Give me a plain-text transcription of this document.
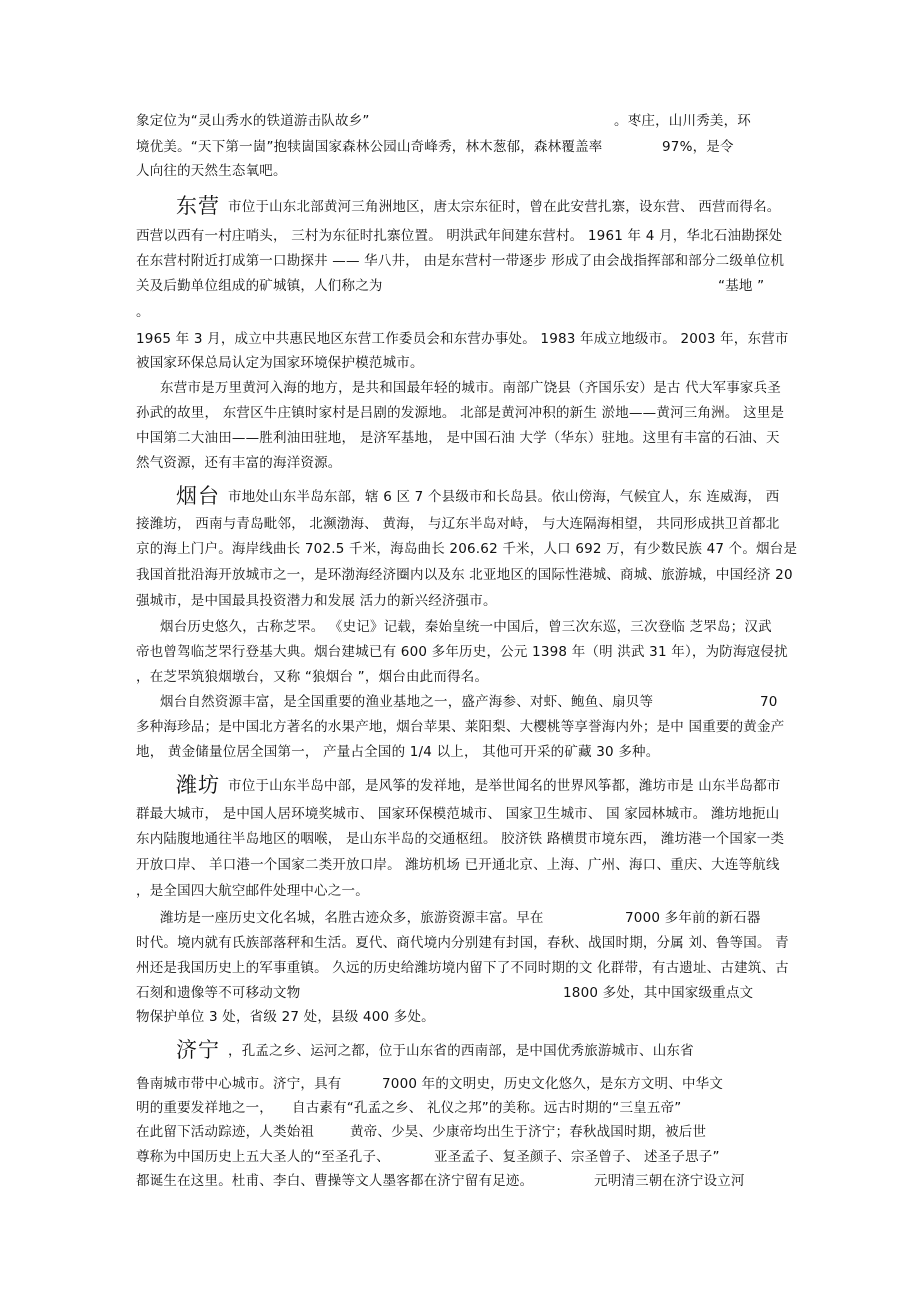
象定位为“灵山秀水的铁道游击队故乡”	。枣庄，山川秀美，环
境优美。“天下第一崮”抱犊崮国家森林公园山奇峰秀，林木葱郁，森林覆盖率	97%，是令
人向往的天然生态氧吧。
东营 市位于山东北部黄河三角洲地区，唐太宗东征时，曾在此安营扎寨，设东营、 西营而得名。
西营以西有一村庄哨头， 三村为东征时扎寨位置。 明洪武年间建东营村。 1961 年 4 月，华北石油勘探处
在东营村附近打成第一口勘探井 —— 华八井， 由是东营村一带逐步 形成了由会战指挥部和部分二级单位机
关及后勤单位组成的矿城镇，人们称之为	“基地 ”
。
1965 年 3 月，成立中共惠民地区东营工作委员会和东营办事处。 1983 年成立地级市。 2003 年，东营市
被国家环保总局认定为国家环境保护模范城市。
东营市是万里黄河入海的地方，是共和国最年轻的城市。南部广饶县（齐国乐安）是古 代大军事家兵圣
孙武的故里， 东营区牛庄镇时家村是吕剧的发源地。 北部是黄河冲积的新生 淤地——黄河三角洲。 这里是
中国第二大油田——胜利油田驻地， 是济军基地， 是中国石油 大学（华东）驻地。这里有丰富的石油、天
然气资源，还有丰富的海洋资源。
烟台 市地处山东半岛东部，辖 6 区 7 个县级市和长岛县。依山傍海，气候宜人，东 连威海， 西
接潍坊， 西南与青岛毗邻， 北濒渤海、 黄海， 与辽东半岛对峙， 与大连隔海相望， 共同形成拱卫首都北
京的海上门户。海岸线曲长 702.5 千米，海岛曲长 206.62 千米，人口 692 万，有少数民族 47 个。烟台是
我国首批沿海开放城市之一，是环渤海经济圈内以及东 北亚地区的国际性港城、商城、旅游城，中国经济 20
强城市，是中国最具投资潜力和发展 活力的新兴经济强市。
烟台历史悠久，古称芝罘。 《史记》记载，秦始皇统一中国后，曾三次东巡，三次登临 芝罘岛；汉武
帝也曾驾临芝罘行登基大典。烟台建城已有 600 多年历史，公元 1398 年（明 洪武 31 年），为防海寇侵扰
，在芝罘筑狼烟墩台，又称 “狼烟台 ”，烟台由此而得名。
烟台自然资源丰富，是全国重要的渔业基地之一，盛产海参、对虾、鲍鱼、扇贝等	70
多种海珍品；是中国北方著名的水果产地，烟台苹果、莱阳梨、大樱桃等享誉海内外；是中 国重要的黄金产
地， 黄金储量位居全国第一， 产量占全国的 1/4 以上， 其他可开采的矿藏 30 多种。
潍坊 市位于山东半岛中部，是风筝的发祥地，是举世闻名的世界风筝都，潍坊市是 山东半岛都市
群最大城市， 是中国人居环境奖城市、 国家环保模范城市、 国家卫生城市、 国 家园林城市。 潍坊地扼山
东内陆腹地通往半岛地区的咽喉， 是山东半岛的交通枢纽。 胶济铁 路横贯市境东西， 潍坊港一个国家一类
开放口岸、 羊口港一个国家二类开放口岸。 潍坊机场 已开通北京、上海、广州、海口、重庆、大连等航线
，是全国四大航空邮件处理中心之一。
潍坊是一座历史文化名城，名胜古迹众多，旅游资源丰富。早在	7000 多年前的新石器
时代。境内就有氏族部落秤和生活。夏代、商代境内分别建有封国，春秋、战国时期，分属 刘、鲁等国。 青
州还是我国历史上的军事重镇。 久远的历史给潍坊境内留下了不同时期的文 化群带，有古遗址、古建筑、古
石刻和遗像等不可移动文物	1800 多处，其中国家级重点文
物保护单位 3 处，省级 27 处，县级 400 多处。
济宁 ，孔孟之乡、运河之都，位于山东省的西南部，是中国优秀旅游城市、山东省
鲁南城市带中心城市。济宁，具有	7000 年的文明史，历史文化悠久，是东方文明、中华文
明的重要发祥地之一， 自古素有“孔孟之乡、 礼仪之邦”的美称。远古时期的“三皇五帝”
在此留下活动踪迹，人类始祖	黄帝、少昊、少康帝均出生于济宁；春秋战国时期，被后世
尊称为中国历史上五大圣人的“至圣孔子、	亚圣孟子、复圣颜子、宗圣曾子、 述圣子思子”
都诞生在这里。杜甫、李白、曹操等文人墨客都在济宁留有足迹。	元明清三朝在济宁设立河
